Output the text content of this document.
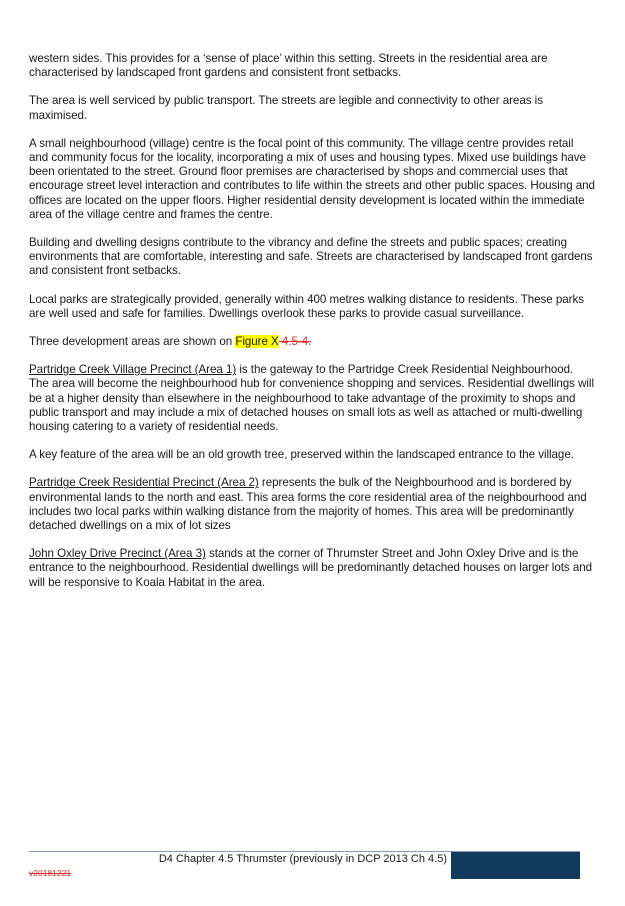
western sides. This provides for a ‘sense of place’ within this setting. Streets in the residential area are characterised by landscaped front gardens and consistent front setbacks.

The area is well serviced by public transport. The streets are legible and connectivity to other areas is maximised.

A small neighbourhood (village) centre is the focal point of this community. The village centre provides retail and community focus for the locality, incorporating a mix of uses and housing types. Mixed use buildings have been orientated to the street. Ground floor premises are characterised by shops and commercial uses that encourage street level interaction and contributes to life within the streets and other public spaces. Housing and offices are located on the upper floors. Higher residential density development is located within the immediate area of the village centre and frames the centre.

Building and dwelling designs contribute to the vibrancy and define the streets and public spaces; creating environments that are comfortable, interesting and safe. Streets are characterised by landscaped front gardens and consistent front setbacks.

Local parks are strategically provided, generally within 400 metres walking distance to residents. These parks are well used and safe for families. Dwellings overlook these parks to provide casual surveillance.

Three development areas are shown on Figure X 4.5-4.

Partridge Creek Village Precinct (Area 1) is the gateway to the Partridge Creek Residential Neighbourhood. The area will become the neighbourhood hub for convenience shopping and services. Residential dwellings will be at a higher density than elsewhere in the neighbourhood to take advantage of the proximity to shops and public transport and may include a mix of detached houses on small lots as well as attached or multi-dwelling housing catering to a variety of residential needs.

A key feature of the area will be an old growth tree, preserved within the landscaped entrance to the village.

Partridge Creek Residential Precinct (Area 2) represents the bulk of the Neighbourhood and is bordered by environmental lands to the north and east. This area forms the core residential area of the neighbourhood and includes two local parks within walking distance from the majority of homes. This area will be predominantly detached dwellings on a mix of lot sizes

John Oxley Drive Precinct (Area 3) stands at the corner of Thrumster Street and John Oxley Drive and is the entrance to the neighbourhood. Residential dwellings will be predominantly detached houses on larger lots and will be responsive to Koala Habitat in the area.

v20181221
D4 Chapter 4.5 Thrumster (previously in DCP 2013 Ch 4.5)
